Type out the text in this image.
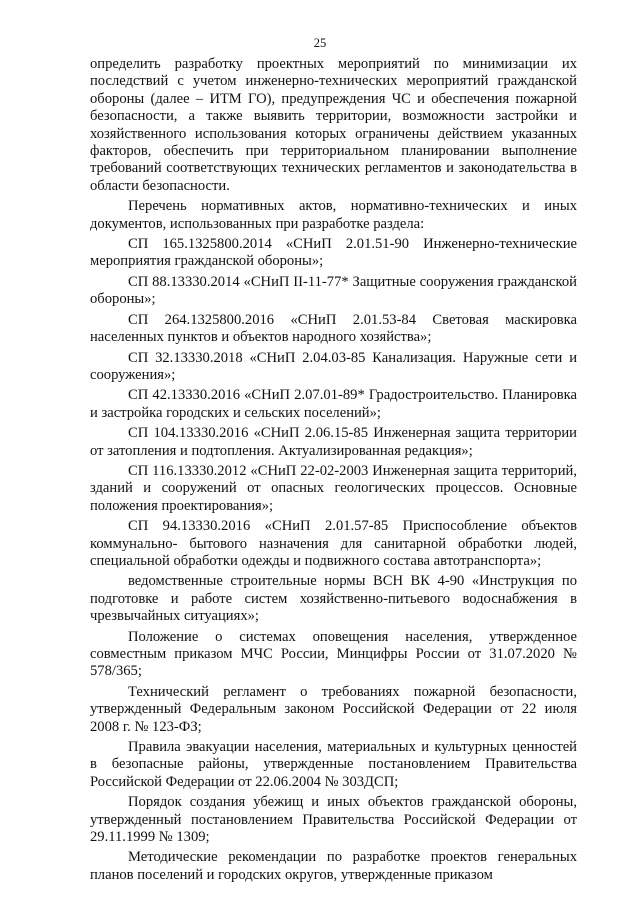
25

определить разработку проектных мероприятий по минимизации их последствий с учетом инженерно-технических мероприятий гражданской обороны (далее – ИТМ ГО), предупреждения ЧС и обеспечения пожарной безопасности, а также выявить территории, возможности застройки и хозяйственного использования которых ограничены действием указанных факторов, обеспечить при территориальном планировании выполнение требований соответствующих технических регламентов и законодательства в области безопасности.

Перечень нормативных актов, нормативно-технических и иных документов, использованных при разработке раздела:

СП 165.1325800.2014 «СНиП 2.01.51-90 Инженерно-технические мероприятия гражданской обороны»;

СП 88.13330.2014 «СНиП II-11-77* Защитные сооружения гражданской обороны»;

СП 264.1325800.2016 «СНиП 2.01.53-84 Световая маскировка населенных пунктов и объектов народного хозяйства»;

СП 32.13330.2018 «СНиП 2.04.03-85 Канализация. Наружные сети и сооружения»;

СП 42.13330.2016 «СНиП 2.07.01-89* Градостроительство. Планировка и застройка городских и сельских поселений»;

СП 104.13330.2016 «СНиП 2.06.15-85 Инженерная защита территории от затопления и подтопления. Актуализированная редакция»;

СП 116.13330.2012 «СНиП 22-02-2003 Инженерная защита территорий, зданий и сооружений от опасных геологических процессов. Основные положения проектирования»;

СП 94.13330.2016 «СНиП 2.01.57-85 Приспособление объектов коммунально- бытового назначения для санитарной обработки людей, специальной обработки одежды и подвижного состава автотранспорта»;

ведомственные строительные нормы ВСН ВК 4-90 «Инструкция по подготовке и работе систем хозяйственно-питьевого водоснабжения в чрезвычайных ситуациях»;

Положение о системах оповещения населения, утвержденное совместным приказом МЧС России, Минцифры России от 31.07.2020 № 578/365;

Технический регламент о требованиях пожарной безопасности, утвержденный Федеральным законом Российской Федерации от 22 июля 2008 г. № 123-ФЗ;

Правила эвакуации населения, материальных и культурных ценностей в безопасные районы, утвержденные постановлением Правительства Российской Федерации от 22.06.2004 № 303ДСП;

Порядок создания убежищ и иных объектов гражданской обороны, утвержденный постановлением Правительства Российской Федерации от 29.11.1999 № 1309;

Методические рекомендации по разработке проектов генеральных планов поселений и городских округов, утвержденные приказом
